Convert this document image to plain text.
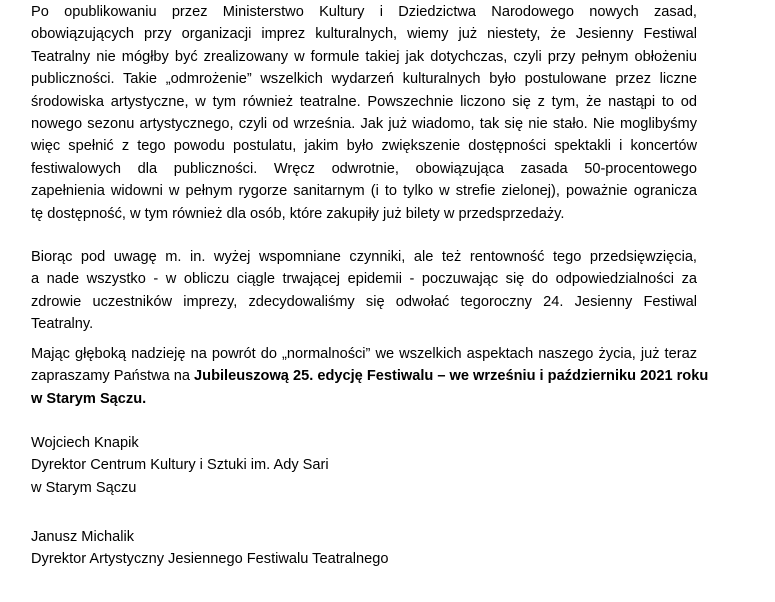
Po opublikowaniu przez Ministerstwo Kultury i Dziedzictwa Narodowego nowych zasad,
obowiązujących przy organizacji imprez kulturalnych, wiemy już niestety, że Jesienny Festiwal
Teatralny nie mógłby być zrealizowany w formule takiej jak dotychczas, czyli przy pełnym obłożeniu
publiczności. Takie „odmrożenie” wszelkich wydarzeń kulturalnych było postulowane przez liczne
środowiska artystyczne, w tym również teatralne. Powszechnie liczono się z tym, że nastąpi to od
nowego sezonu artystycznego, czyli od września. Jak już wiadomo, tak się nie stało. Nie moglibyśmy
więc spełnić z tego powodu postulatu, jakim było zwiększenie dostępności spektakli i koncertów
festiwalowych dla publiczności. Wręcz odwrotnie, obowiązująca zasada 50-procentowego
zapełnienia widowni w pełnym rygorze sanitarnym (i to tylko w strefie zielonej), poważnie ogranicza
tę dostępność, w tym również dla osób, które zakupiły już bilety w przedsprzedaży.

Biorąc pod uwagę m. in. wyżej wspomniane czynniki, ale też rentowność tego przedsięwzięcia,
a nade wszystko - w obliczu ciągle trwającej epidemii - poczuwając się do odpowiedzialności za
zdrowie uczestników imprezy, zdecydowaliśmy się odwołać tegoroczny 24. Jesienny Festiwal
Teatralny.

Mając głęboką nadzieję na powrót do „normalności” we wszelkich aspektach naszego życia, już teraz
zapraszamy Państwa na Jubileuszową 25. edycję Festiwalu – we wrześniu i październiku 2021 roku
w Starym Sączu.

Wojciech Knapik
Dyrektor Centrum Kultury i Sztuki im. Ady Sari
w Starym Sączu
Janusz Michalik
Dyrektor Artystyczny Jesiennego Festiwalu Teatralnego
